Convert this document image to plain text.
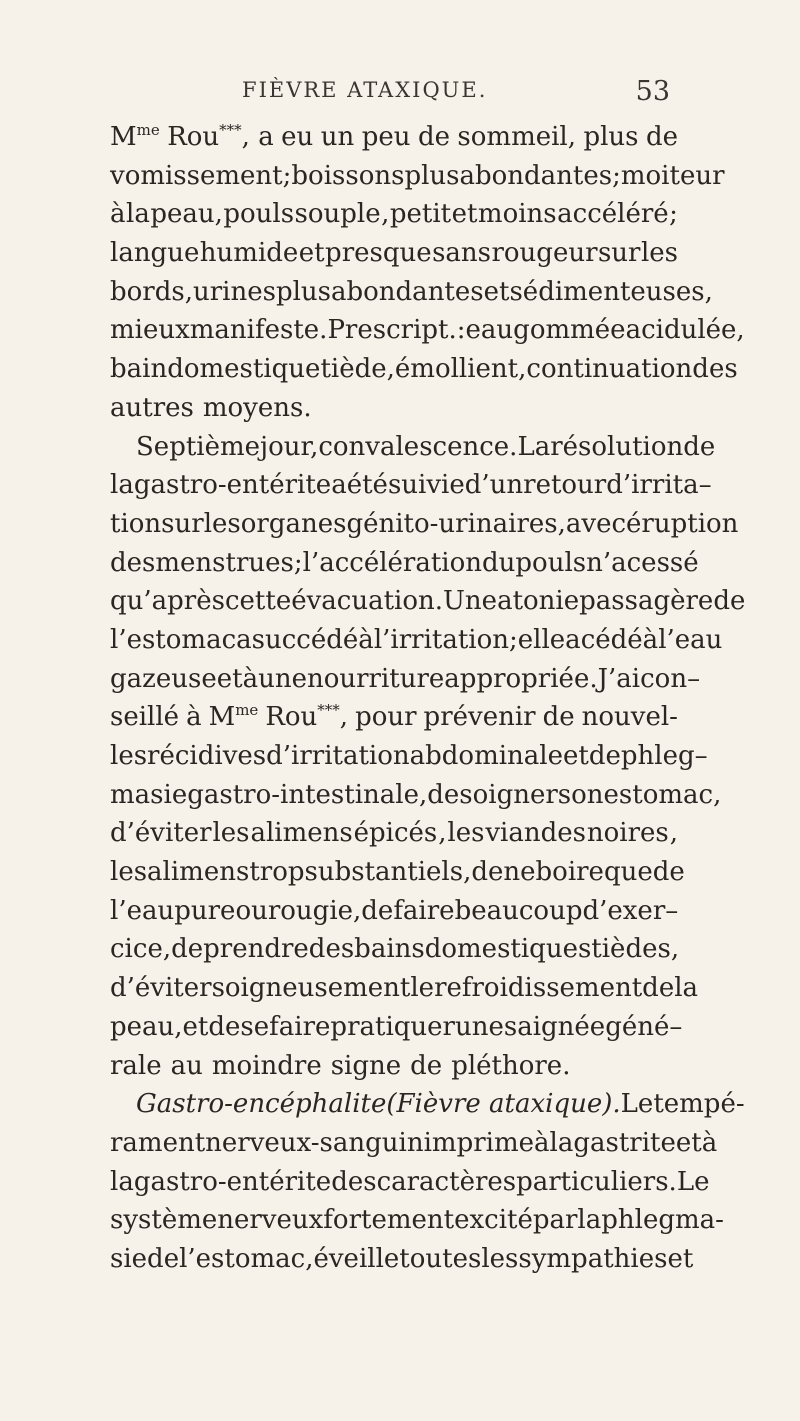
FIÈVRE ATAXIQUE.	53
$M^{me}$ Rou***, a eu un peu de sommeil, plus de
vomissement; boissons plus abondantes ; moiteur
à la peau, pouls souple , petit et moins accéléré ;
langue humide et presque sans rougeur sur les
bords, urines plus abondantes et sédimenteuses,
mieux manifeste. Prescript. : eau gommée acidulée,
bain domestique tiède, émollient, continuation des
autres moyens.
Septième jour, convalescence. La résolution de
la gastro-entérite a été suivie d’un retour d’irrita–
tion sur les organes génito-urinaires, avec éruption
des menstrues; l’accélération du pouls n’a cessé
qu’après cette évacuation. Une atonie passagère de
l’estomac a succédé à l’irritation; elle a cédé à l’eau
gazeuse et à une nourriture appropriée. J’ai con–
seillé à $M^{me}$ Rou***, pour prévenir de nouvel-
les récidives d’irritation abdominale et de phleg–
masie gastro-intestinale , de soigner son estomac,
d’éviter les alimens épicés , les viandes noires ,
les alimens trop substantiels , de ne boire que de
l’eau pure ou rougie, de faire beaucoup d’exer–
cice, de prendre des bains domestiques tièdes,
d’éviter soigneusement le refroidissement de la
peau, et de se faire pratiquer une saignée géné–
rale au moindre signe de pléthore.
Gastro-encéphalite (Fièvre ataxique). Le tempé-
rament nerveux-sanguin imprime à la gastrite et à
la gastro-entérite des caractères particuliers. Le
système nerveux fortement excité par la phlegma-
sie de l’estomac, éveille toutes les sympathies et
